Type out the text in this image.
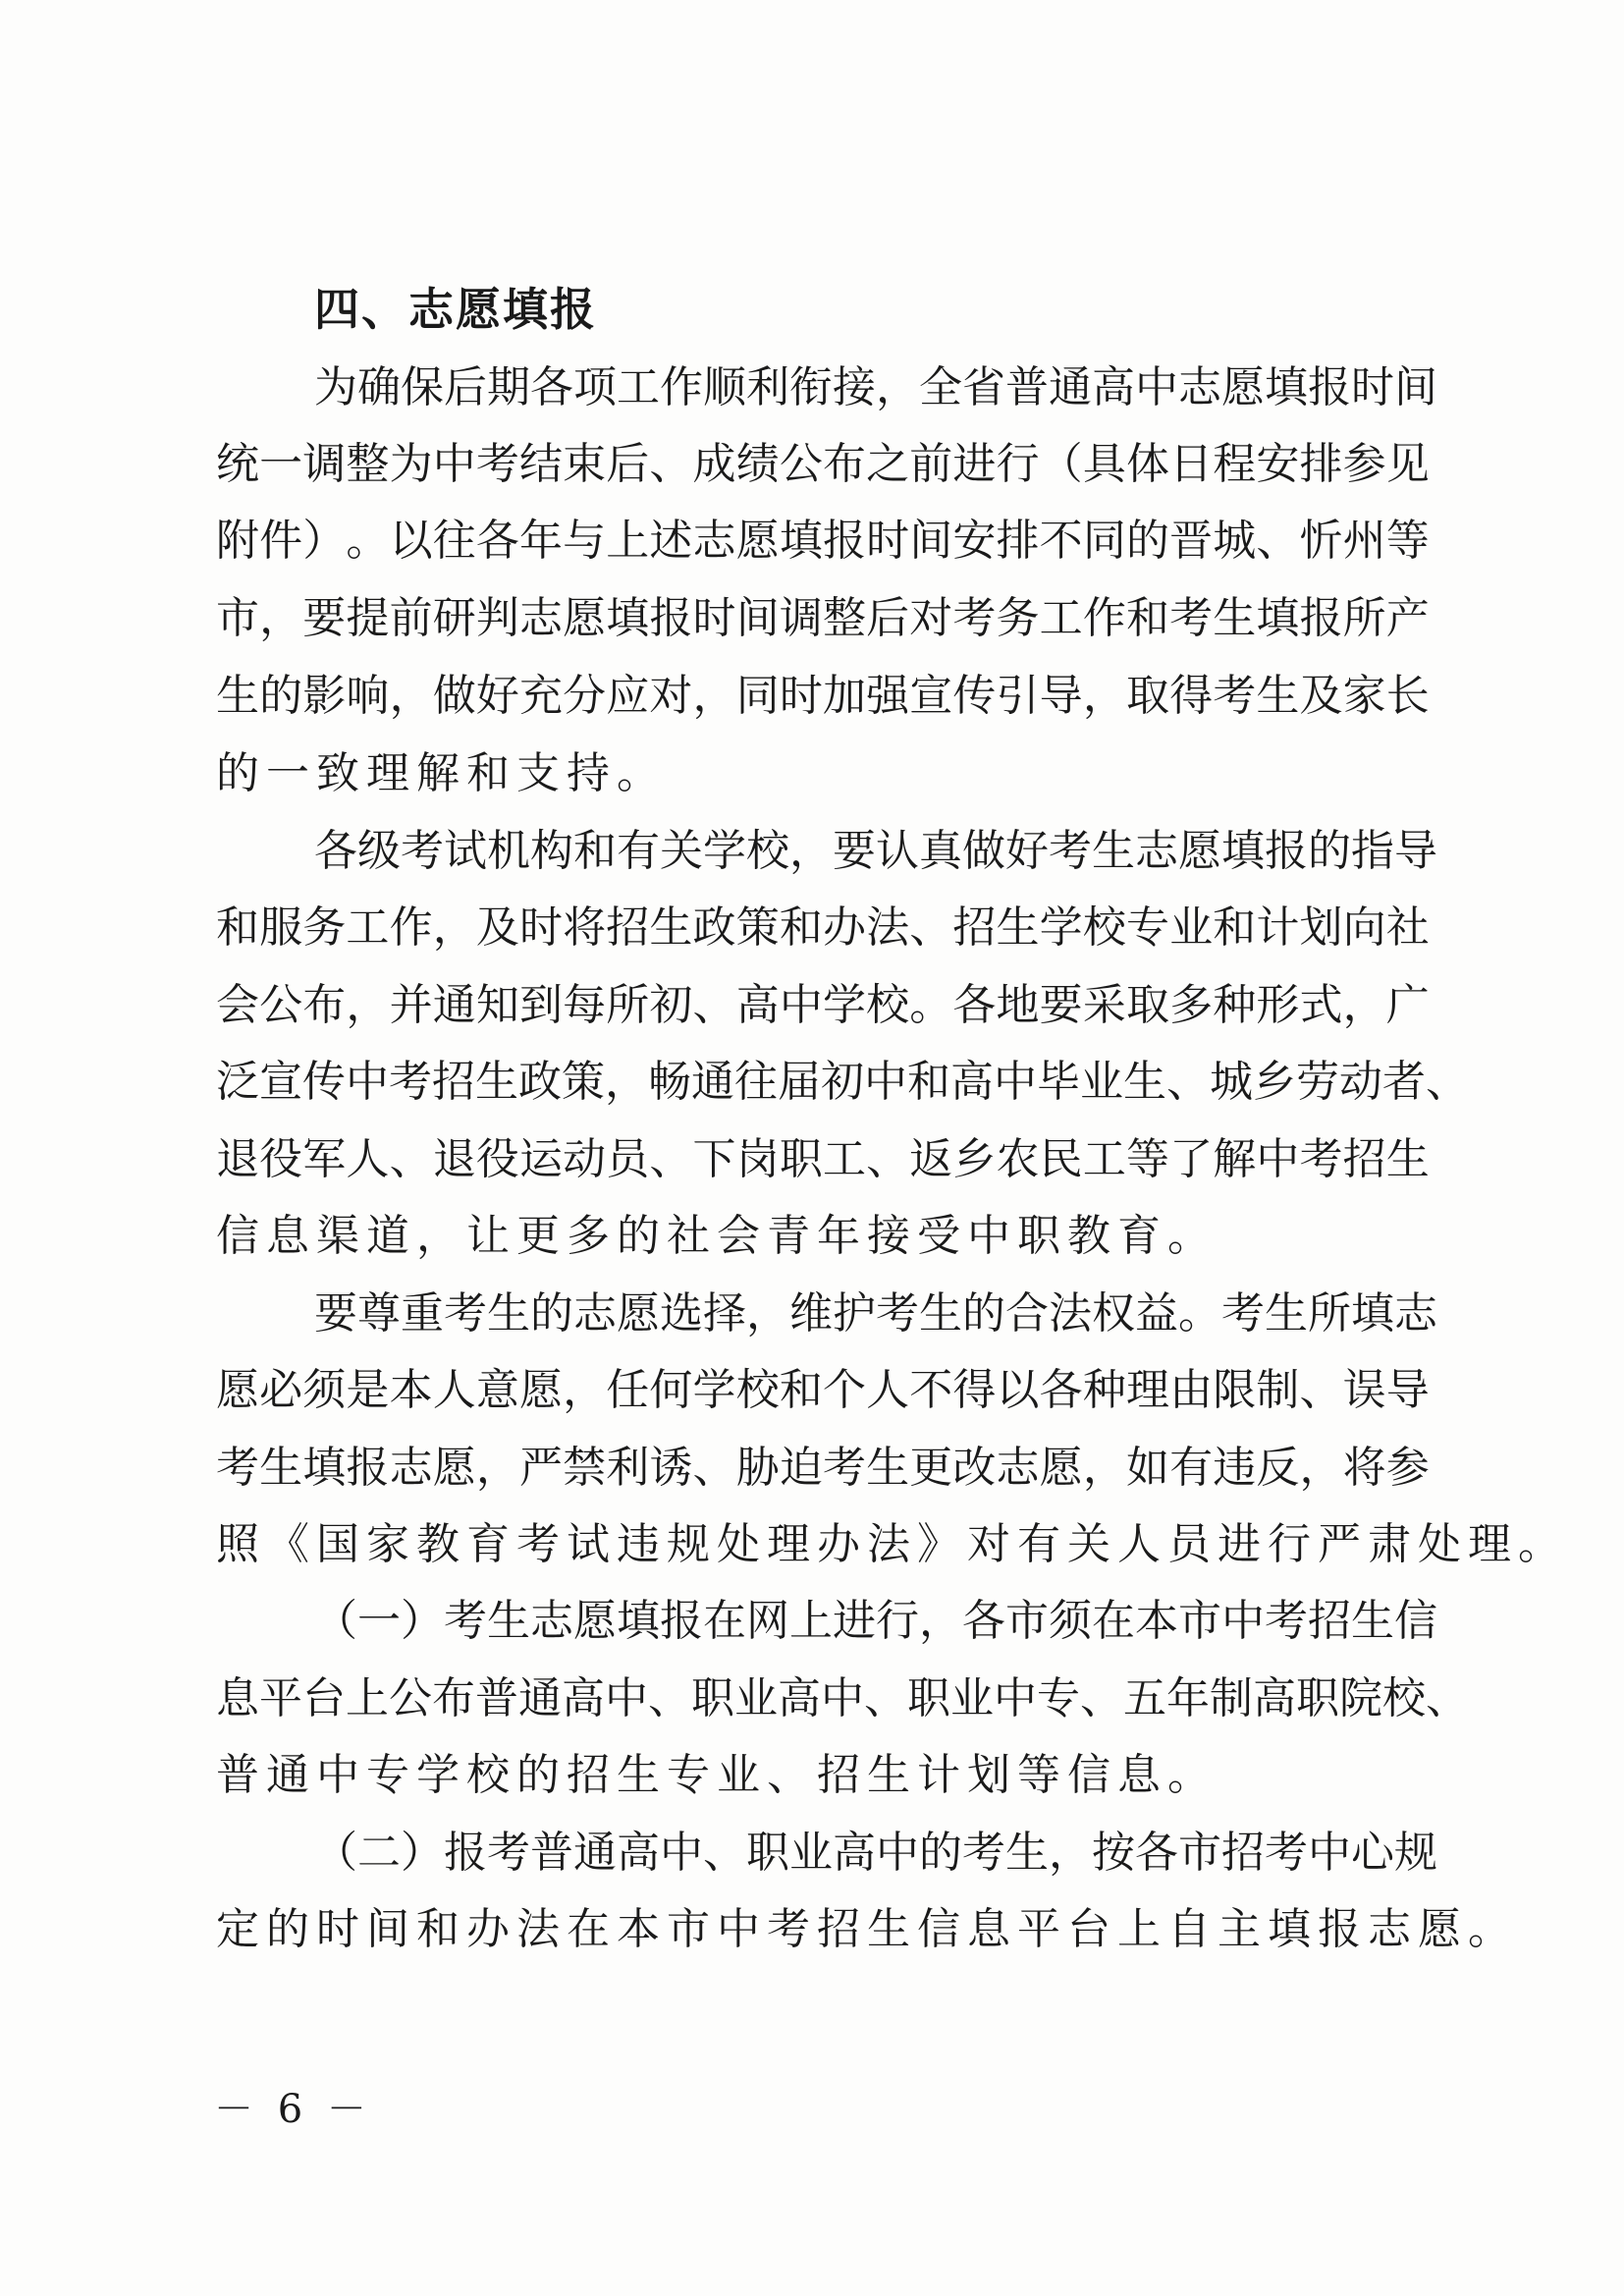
四、志愿填报
为确保后期各项工作顺利衔接，全省普通高中志愿填报时间
统 一 调 整 为 中 考 结 束 后 、 成 绩 公 布 之 前 进 行 （ 具 体 日 程 安 排 参 见
附 件 ） 。 以 往 各 年 与 上 述 志 愿 填 报 时 间 安 排 不 同 的 晋 城 、 忻 州 等
市 ， 要 提 前 研 判 志 愿 填 报 时 间 调 整 后 对 考 务 工 作 和 考 生 填 报 所 产
生 的 影 响 ， 做 好 充 分 应 对 ， 同 时 加 强 宣 传 引 导 ， 取 得 考 生 及 家 长
的一致理解和支持。
各级考试机构和有关学校，要认真做好考生志愿填报的指导
和 服 务 工 作 ， 及 时 将 招 生 政 策 和 办 法 、 招 生 学 校 专 业 和 计 划 向 社
会 公 布 ， 并 通 知 到 每 所 初 、 高 中 学 校 。 各 地 要 采 取 多 种 形 式 ， 广
泛 宣 传 中 考 招 生 政 策 ， 畅 通 往 届 初 中 和 高 中 毕 业 生 、 城 乡 劳 动 者 、
退 役 军 人 、 退 役 运 动 员 、 下 岗 职 工 、 返 乡 农 民 工 等 了 解 中 考 招 生
信息渠道，让更多的社会青年接受中职教育。
要尊重考生的志愿选择，维护考生的合法权益。考生所填志
愿 必 须 是 本 人 意 愿 ， 任 何 学 校 和 个 人 不 得 以 各 种 理 由 限 制 、 误 导
考 生 填 报 志 愿 ， 严 禁 利 诱 、 胁 迫 考 生 更 改 志 愿 ， 如 有 违 反 ， 将 参
照《国家教育考试违规处理办法》对有关人员进行严肃处理。
（一）考生志愿填报在网上进行，各市须在本市中考招生信
息 平 台 上 公 布 普 通 高 中 、 职 业 高 中 、 职 业 中 专 、 五 年 制 高 职 院 校 、
普通中专学校的招生专业、招生计划等信息。
（二）报考普通高中、职业高中的考生，按各市招考中心规
定的时间和办法在本市中考招生信息平台上自主填报志愿。
－ 6 －
